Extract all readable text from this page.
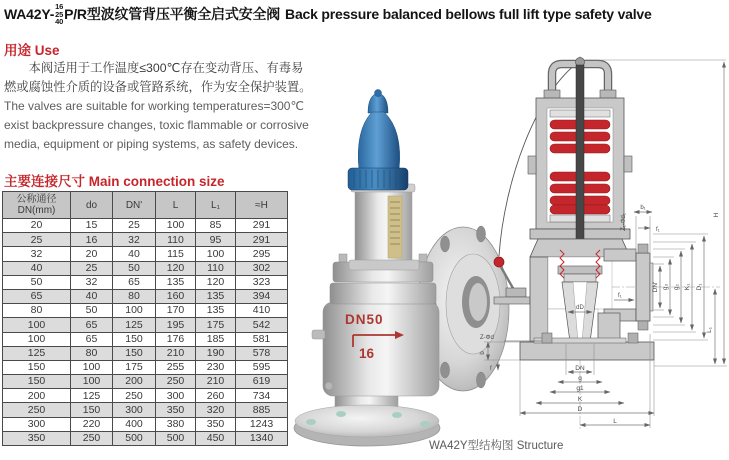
WA42Y- 16
25
40 P/R型波纹管背压平衡全启式安全阀 Back pressure balanced bellows full lift type safety valve
用途 Use
本阀适用于工作温度≤300℃存在变动背压、有毒易
燃或腐蚀性介质的设备或管路系统，作为安全保护装置。
The valves are suitable for working temperatures=300℃
exist backpressure changes, toxic flammable or corrosive
media, equipment or piping systems, as safety devices.
主要连接尺寸 Main connection size
公称通径
DN(mm)	do	DN'	L	L₁	≈H
20	15	25	100	85	291
25	16	32	110	95	291
32	20	40	115	100	295
40	25	50	120	110	302
50	32	65	135	120	323
65	40	80	160	135	394
80	50	100	170	135	410
100	65	125	195	175	542
100	65	150	176	185	581
125	80	150	210	190	578
150	100	175	255	230	595
150	100	200	250	210	619
200	125	250	300	260	734
250	150	300	350	320	885
300	220	400	380	350	1243
350	250	500	500	450	1340
DN50
16
H
L₁
D₁
K₁
g₂
g₃
DN'
Z₁-Φd₁
b₁
f₁
f₁
dD
DN
g
g1
K
D
L
Z-Φd
b
f
WA42Y型结构图 Structure
